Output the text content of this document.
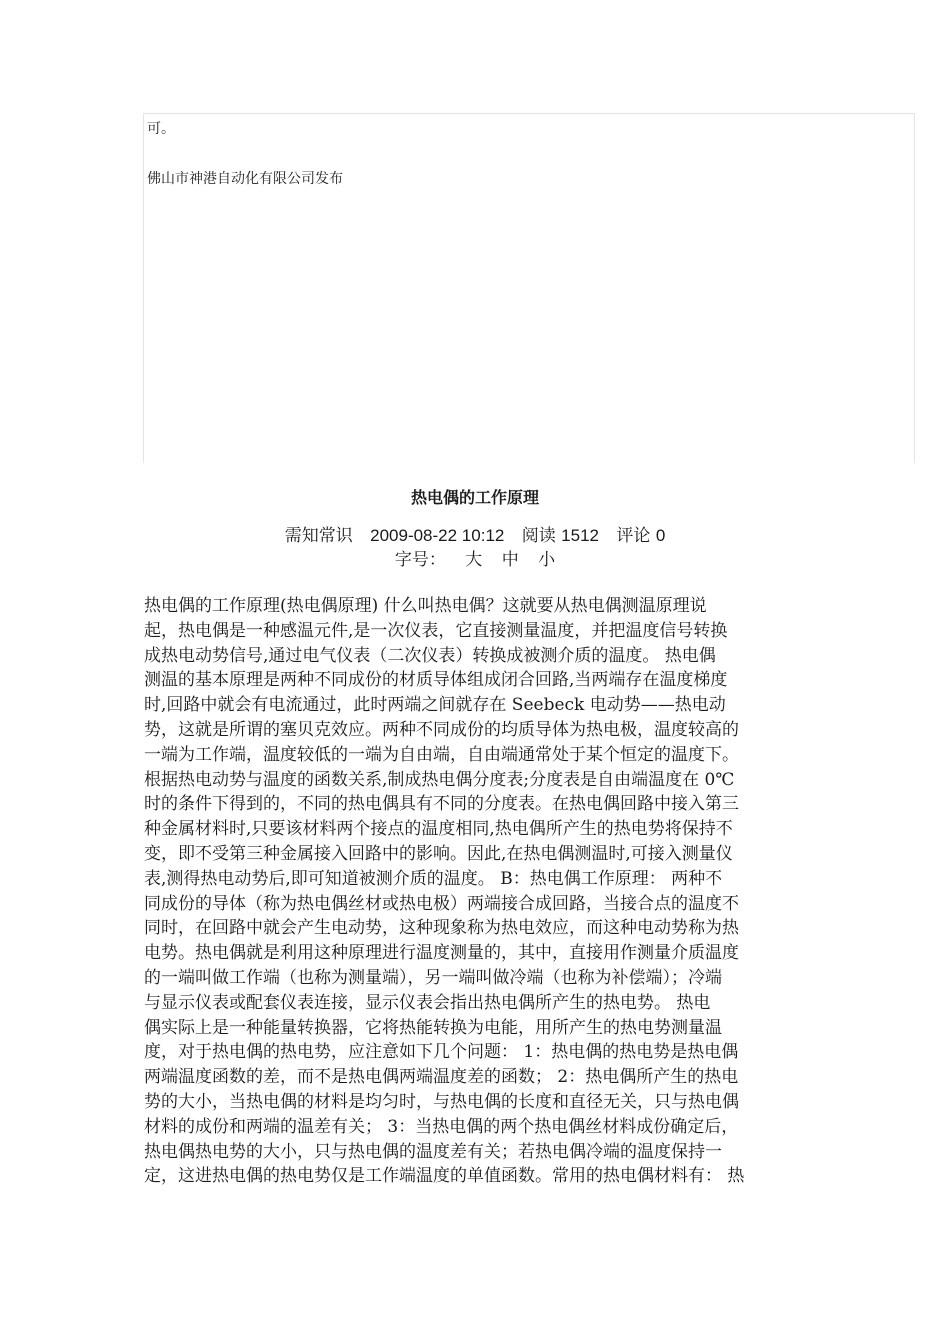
可。
佛山市神港自动化有限公司发布
热电偶的工作原理
需知常识 2009-08-22 10:12 阅读 1512 评论 0
字号： 大 中 小
热电偶的工作原理(热电偶原理) 什么叫热电偶？这就要从热电偶测温原理说
起，热电偶是一种感温元件,是一次仪表，它直接测量温度，并把温度信号转换
成热电动势信号,通过电气仪表（二次仪表）转换成被测介质的温度。 热电偶
测温的基本原理是两种不同成份的材质导体组成闭合回路,当两端存在温度梯度
时,回路中就会有电流通过，此时两端之间就存在 Seebeck 电动势——热电动
势，这就是所谓的塞贝克效应。两种不同成份的均质导体为热电极，温度较高的
一端为工作端，温度较低的一端为自由端，自由端通常处于某个恒定的温度下。
根据热电动势与温度的函数关系,制成热电偶分度表;分度表是自由端温度在 0℃
时的条件下得到的，不同的热电偶具有不同的分度表。在热电偶回路中接入第三
种金属材料时,只要该材料两个接点的温度相同,热电偶所产生的热电势将保持不
变，即不受第三种金属接入回路中的影响。因此,在热电偶测温时,可接入测量仪
表,测得热电动势后,即可知道被测介质的温度。 B：热电偶工作原理： 两种不
同成份的导体（称为热电偶丝材或热电极）两端接合成回路，当接合点的温度不
同时，在回路中就会产生电动势，这种现象称为热电效应，而这种电动势称为热
电势。热电偶就是利用这种原理进行温度测量的，其中，直接用作测量介质温度
的一端叫做工作端（也称为测量端），另一端叫做冷端（也称为补偿端）；冷端
与显示仪表或配套仪表连接，显示仪表会指出热电偶所产生的热电势。 热电
偶实际上是一种能量转换器，它将热能转换为电能，用所产生的热电势测量温
度，对于热电偶的热电势，应注意如下几个问题： 1：热电偶的热电势是热电偶
两端温度函数的差，而不是热电偶两端温度差的函数； 2：热电偶所产生的热电
势的大小，当热电偶的材料是均匀时，与热电偶的长度和直径无关，只与热电偶
材料的成份和两端的温差有关； 3：当热电偶的两个热电偶丝材料成份确定后，
热电偶热电势的大小，只与热电偶的温度差有关；若热电偶冷端的温度保持一
定，这进热电偶的热电势仅是工作端温度的单值函数。常用的热电偶材料有： 热
